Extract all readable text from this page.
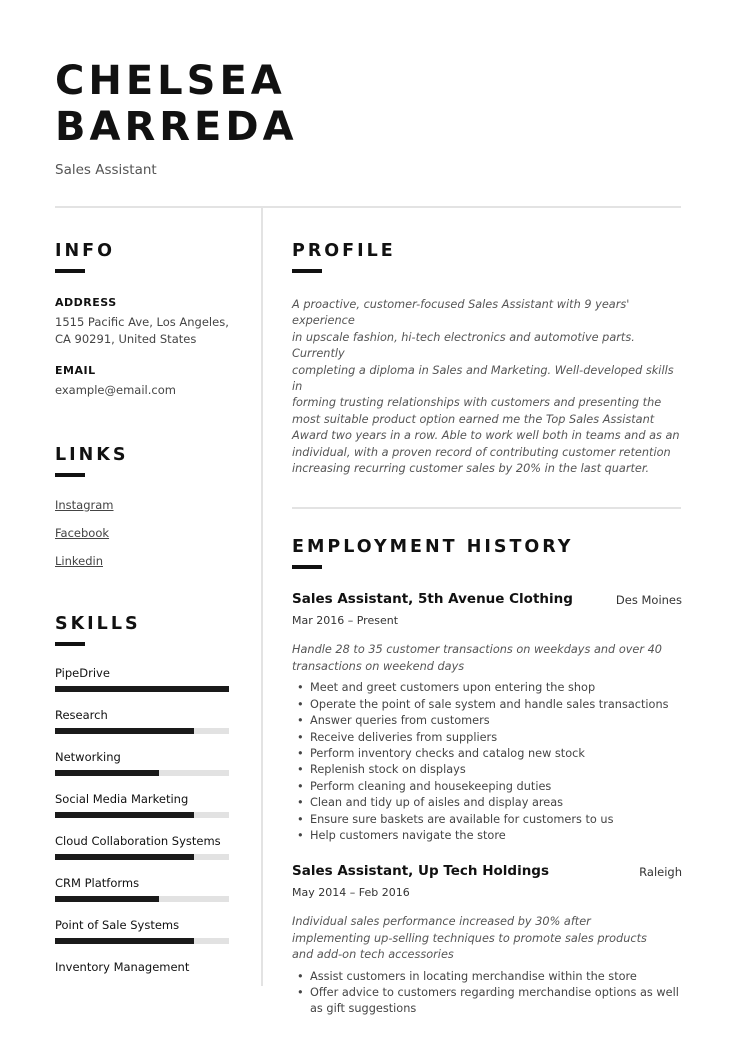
CHELSEA
BARREDA
Sales Assistant
INFO
ADDRESS
1515 Pacific Ave, Los Angeles,
CA 90291, United States
EMAIL
example@email.com
LINKS
Instagram
Facebook
Linkedin
SKILLS
PipeDrive
Research
Networking
Social Media Marketing
Cloud Collaboration Systems
CRM Platforms
Point of Sale Systems
Inventory Management
PROFILE
A proactive, customer-focused Sales Assistant with 9 years' experience
in upscale fashion, hi-tech electronics and automotive parts. Currently
completing a diploma in Sales and Marketing. Well-developed skills in
forming trusting relationships with customers and presenting the
most suitable product option earned me the Top Sales Assistant
Award two years in a row. Able to work well both in teams and as an
individual, with a proven record of contributing customer retention
increasing recurring customer sales by 20% in the last quarter.
EMPLOYMENT HISTORY
Sales Assistant, 5th Avenue Clothing	Des Moines
Mar 2016 – Present
Handle 28 to 35 customer transactions on weekdays and over 40
transactions on weekend days
• Meet and greet customers upon entering the shop
• Operate the point of sale system and handle sales transactions
• Answer queries from customers
• Receive deliveries from suppliers
• Perform inventory checks and catalog new stock
• Replenish stock on displays
• Perform cleaning and housekeeping duties
• Clean and tidy up of aisles and display areas
• Ensure sure baskets are available for customers to us
• Help customers navigate the store
Sales Assistant, Up Tech Holdings	Raleigh
May 2014 – Feb 2016
Individual sales performance increased by 30% after
implementing up-selling techniques to promote sales products
and add-on tech accessories
• Assist customers in locating merchandise within the store
• Offer advice to customers regarding merchandise options as well
as gift suggestions
